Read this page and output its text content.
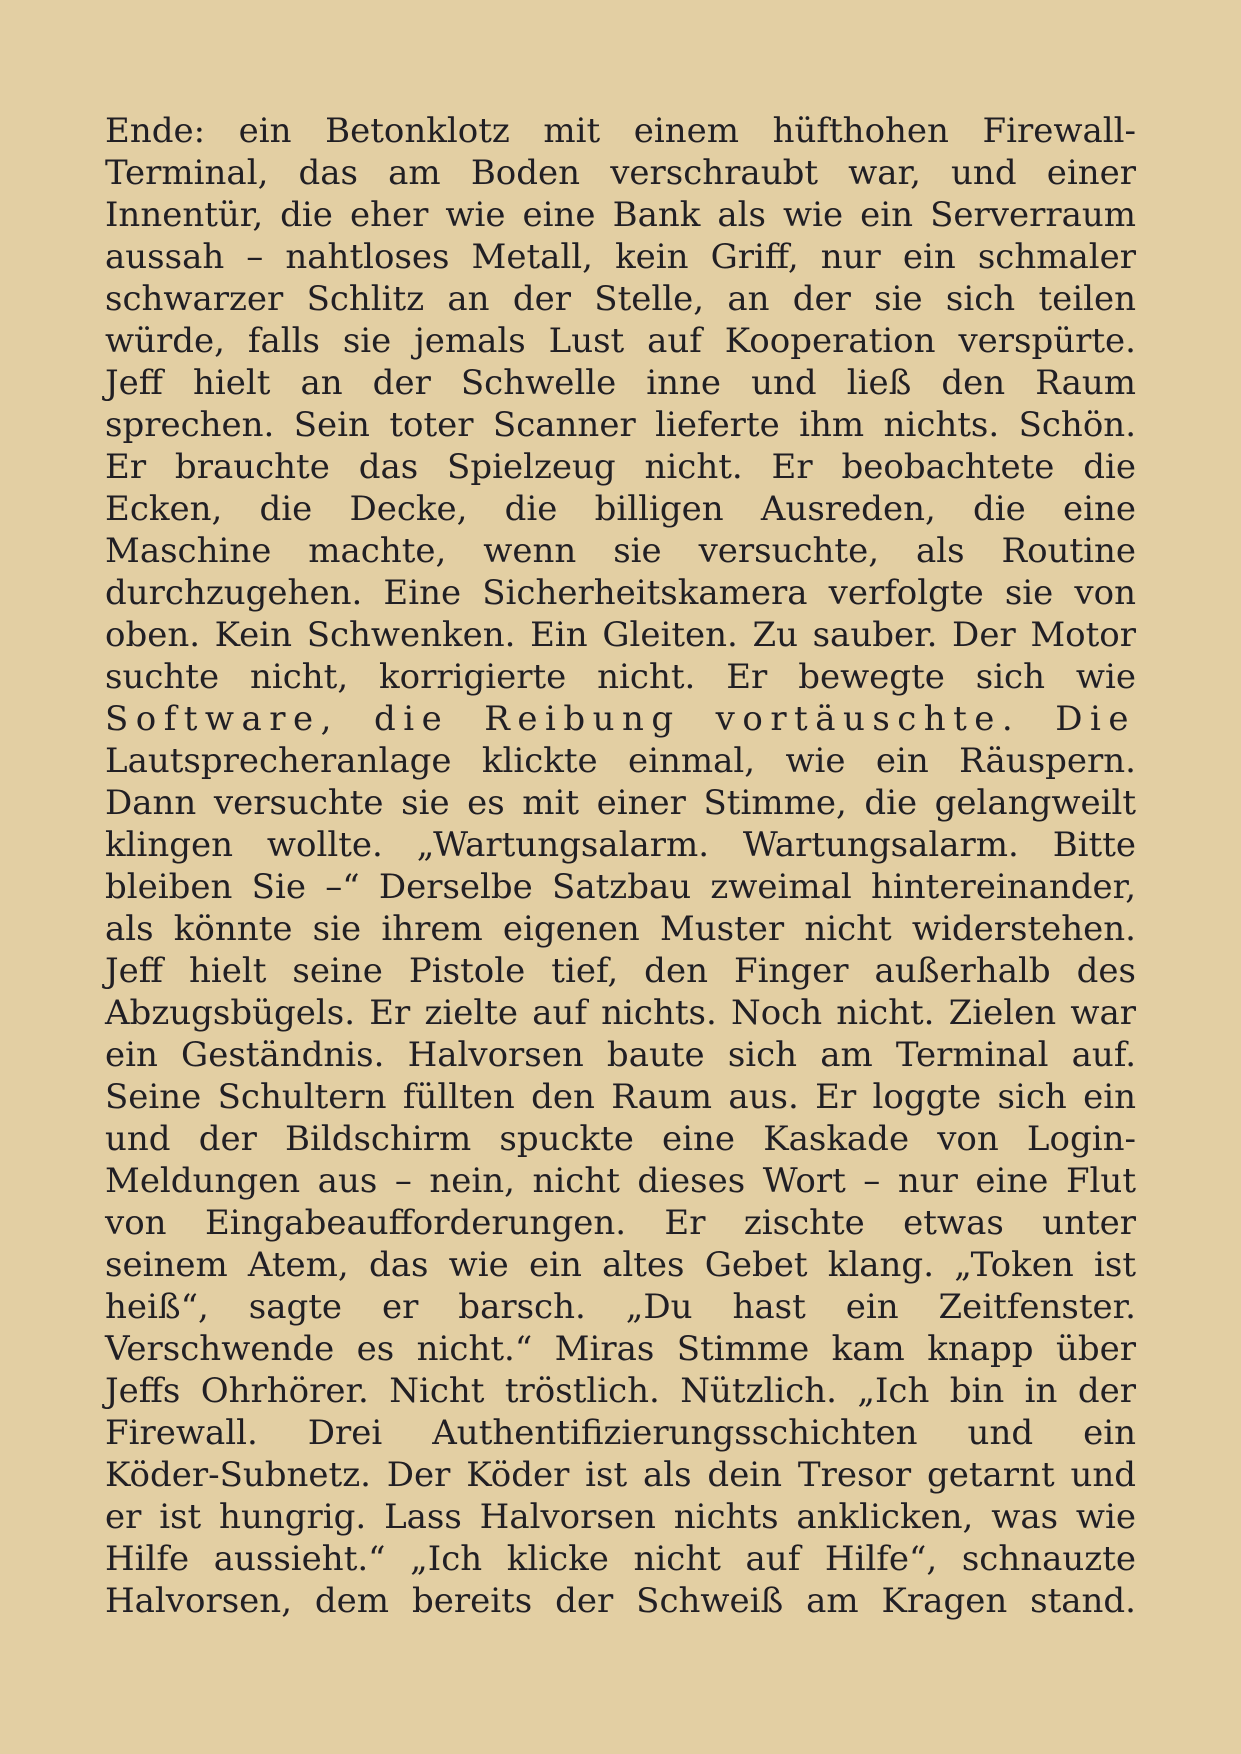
Ende: ein Betonklotz mit einem hüfthohen Firewall-
Terminal, das am Boden verschraubt war, und einer
Innentür, die eher wie eine Bank als wie ein Serverraum
aussah – nahtloses Metall, kein Griff, nur ein schmaler
schwarzer Schlitz an der Stelle, an der sie sich teilen
würde, falls sie jemals Lust auf Kooperation verspürte.
Jeff hielt an der Schwelle inne und ließ den Raum
sprechen. Sein toter Scanner lieferte ihm nichts. Schön.
Er brauchte das Spielzeug nicht. Er beobachtete die
Ecken, die Decke, die billigen Ausreden, die eine
Maschine machte, wenn sie versuchte, als Routine
durchzugehen. Eine Sicherheitskamera verfolgte sie von
oben. Kein Schwenken. Ein Gleiten. Zu sauber. Der Motor
suchte nicht, korrigierte nicht. Er bewegte sich wie
Software, die Reibung vortäuschte. Die
Lautsprecheranlage klickte einmal, wie ein Räuspern.
Dann versuchte sie es mit einer Stimme, die gelangweilt
klingen wollte. „Wartungsalarm. Wartungsalarm. Bitte
bleiben Sie –“ Derselbe Satzbau zweimal hintereinander,
als könnte sie ihrem eigenen Muster nicht widerstehen.
Jeff hielt seine Pistole tief, den Finger außerhalb des
Abzugsbügels. Er zielte auf nichts. Noch nicht. Zielen war
ein Geständnis. Halvorsen baute sich am Terminal auf.
Seine Schultern füllten den Raum aus. Er loggte sich ein
und der Bildschirm spuckte eine Kaskade von Login-
Meldungen aus – nein, nicht dieses Wort – nur eine Flut
von Eingabeaufforderungen. Er zischte etwas unter
seinem Atem, das wie ein altes Gebet klang. „Token ist
heiß“, sagte er barsch. „Du hast ein Zeitfenster.
Verschwende es nicht.“ Miras Stimme kam knapp über
Jeffs Ohrhörer. Nicht tröstlich. Nützlich. „Ich bin in der
Firewall. Drei Authentifizierungsschichten und ein
Köder-Subnetz. Der Köder ist als dein Tresor getarnt und
er ist hungrig. Lass Halvorsen nichts anklicken, was wie
Hilfe aussieht.“ „Ich klicke nicht auf Hilfe“, schnauzte
Halvorsen, dem bereits der Schweiß am Kragen stand.
